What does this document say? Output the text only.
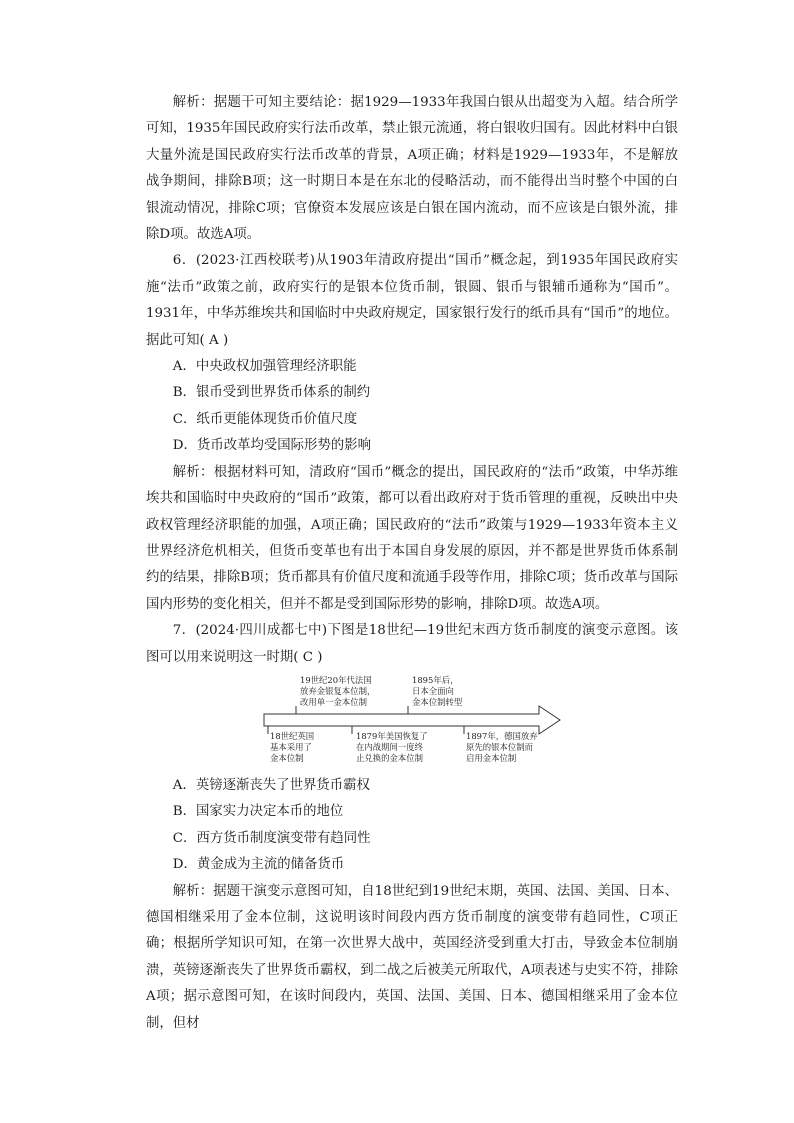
解析：据题干可知主要结论：据1929—1933年我国白银从出超变为入超。结合所学可知，1935年国民政府实行法币改革，禁止银元流通，将白银收归国有。因此材料中白银大量外流是国民政府实行法币改革的背景，A项正确；材料是1929—1933年，不是解放战争期间，排除B项；这一时期日本是在东北的侵略活动，而不能得出当时整个中国的白银流动情况，排除C项；官僚资本发展应该是白银在国内流动，而不应该是白银外流，排除D项。故选A项。

6．(2023·江西校联考)从1903年清政府提出“国币”概念起，到1935年国民政府实施“法币”政策之前，政府实行的是银本位货币制，银圆、银币与银辅币通称为“国币”。1931年，中华苏维埃共和国临时中央政府规定，国家银行发行的纸币具有“国币”的地位。据此可知( A )

A．中央政权加强管理经济职能

B．银币受到世界货币体系的制约

C．纸币更能体现货币价值尺度

D．货币改革均受国际形势的影响

解析：根据材料可知，清政府“国币”概念的提出，国民政府的“法币”政策，中华苏维埃共和国临时中央政府的“国币”政策，都可以看出政府对于货币管理的重视，反映出中央政权管理经济职能的加强，A项正确；国民政府的“法币”政策与1929—1933年资本主义世界经济危机相关，但货币变革也有出于本国自身发展的原因，并不都是世界货币体系制约的结果，排除B项；货币都具有价值尺度和流通手段等作用，排除C项；货币改革与国际国内形势的变化相关，但并不都是受到国际形势的影响，排除D项。故选A项。

7．(2024·四川成都七中)下图是18世纪—19世纪末西方货币制度的演变示意图。该图可以用来说明这一时期( C )

19世纪20年代法国
放弃金银复本位制，
改用单一金本位制
1895年后，
日本全面向
金本位制转型
18世纪英国
基本采用了
金本位制
1879年美国恢复了
在内战期间一度终
止兑换的金本位制
1897年，德国放弃
原先的银本位制而
启用金本位制

A．英镑逐渐丧失了世界货币霸权

B．国家实力决定本币的地位

C．西方货币制度演变带有趋同性

D．黄金成为主流的储备货币

解析：据题干演变示意图可知，自18世纪到19世纪末期，英国、法国、美国、日本、德国相继采用了金本位制，这说明该时间段内西方货币制度的演变带有趋同性，C项正确；根据所学知识可知，在第一次世界大战中，英国经济受到重大打击，导致金本位制崩溃，英镑逐渐丧失了世界货币霸权，到二战之后被美元所取代，A项表述与史实不符，排除A项；据示意图可知，在该时间段内，英国、法国、美国、日本、德国相继采用了金本位制，但材
